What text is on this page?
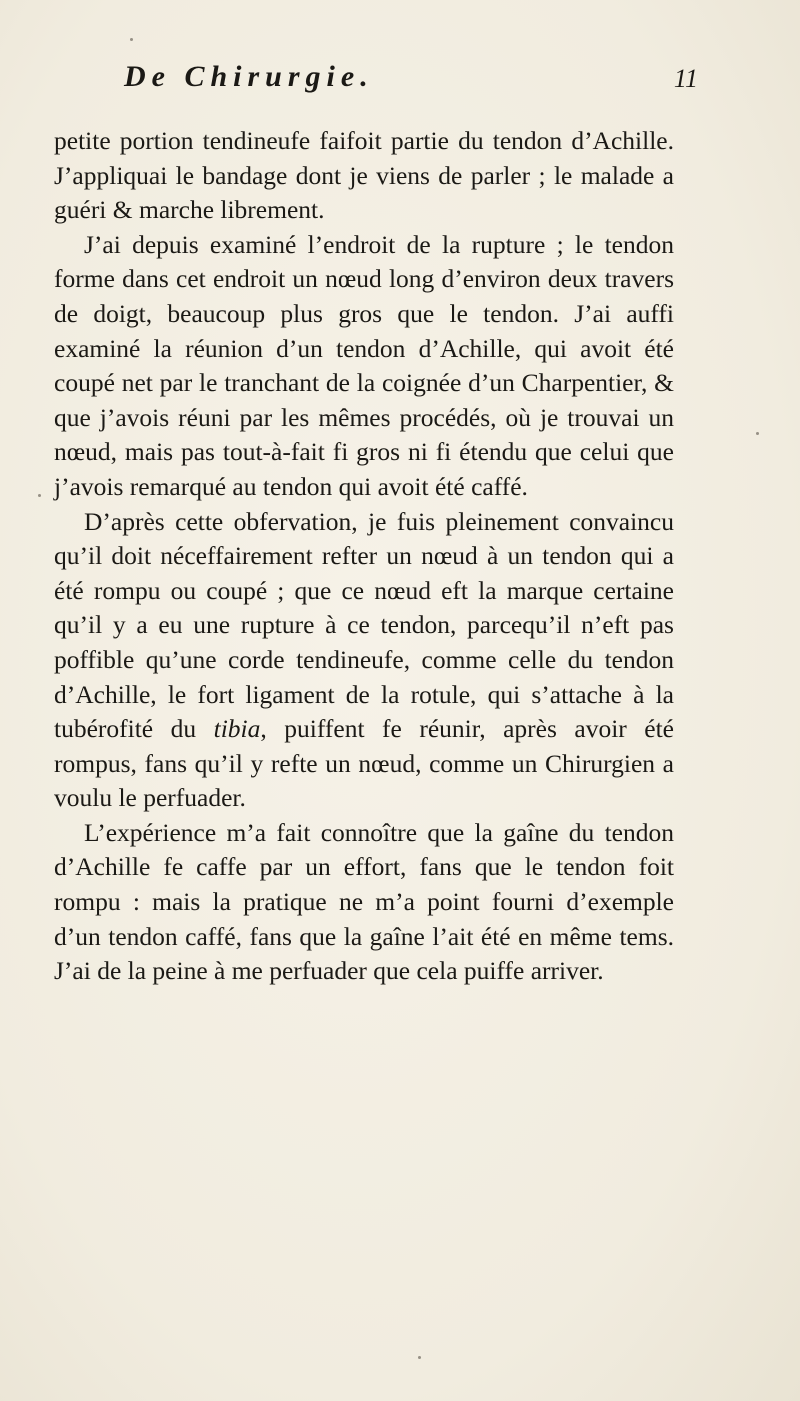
De Chirurgie.	11

petite portion tendineufe faifoit partie du tendon d’Achille. J’appliquai le bandage dont je viens de parler ; le malade a guéri & marche librement.

J’ai depuis examiné l’endroit de la rupture ; le tendon forme dans cet endroit un nœud long d’environ deux travers de doigt, beaucoup plus gros que le tendon. J’ai auffi examiné la réunion d’un tendon d’Achille, qui avoit été coupé net par le tranchant de la coignée d’un Charpentier, & que j’avois réuni par les mêmes procédés, où je trouvai un nœud, mais pas tout-à-fait fi gros ni fi étendu que celui que j’avois remarqué au tendon qui avoit été caffé.

D’après cette obfervation, je fuis pleinement convaincu qu’il doit néceffairement refter un nœud à un tendon qui a été rompu ou coupé ; que ce nœud eft la marque certaine qu’il y a eu une rupture à ce tendon, parcequ’il n’eft pas poffible qu’une corde tendineufe, comme celle du tendon d’Achille, le fort ligament de la rotule, qui s’attache à la tubérofité du tibia, puiffent fe réunir, après avoir été rompus, fans qu’il y refte un nœud, comme un Chirurgien a voulu le perfuader.

L’expérience m’a fait connoître que la gaîne du tendon d’Achille fe caffe par un effort, fans que le tendon foit rompu : mais la pratique ne m’a point fourni d’exemple d’un tendon caffé, fans que la gaîne l’ait été en même tems. J’ai de la peine à me perfuader que cela puiffe arriver.
